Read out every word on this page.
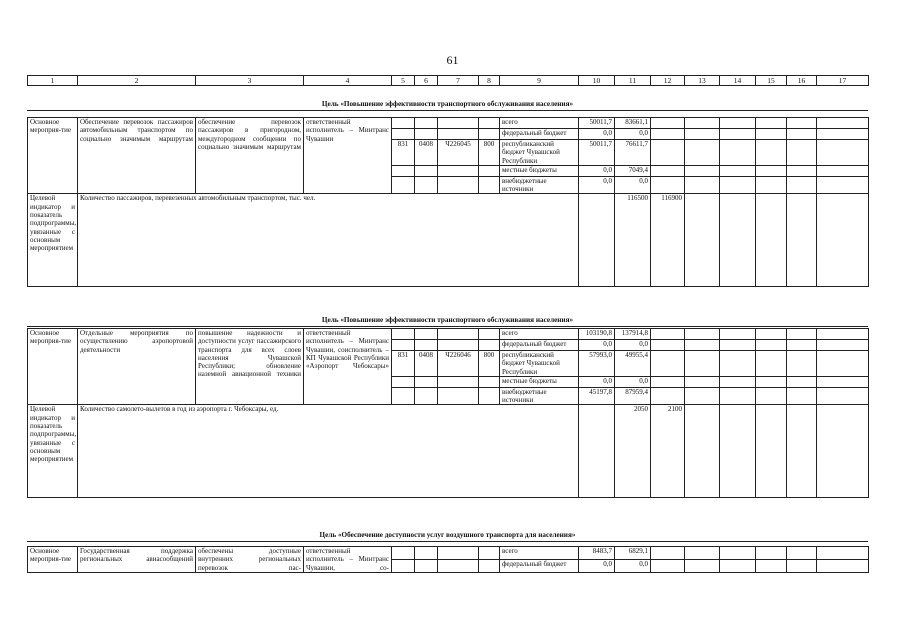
61
1	2	3	4	5	6	7	8	9	10	11	12	13	14	15	16	17
Цель «Повышение эффективности транспортного обслуживания населения»
Основное мероприя-тие	Обеспечение перевозок пассажиров автомобильным транспортом по социально значимым маршрутам	обеспечение перевозок пассажиров в пригородном, междугородном сообщении по социально значимым маршрутам	ответственный исполнитель – Минтранс Чувашии					всего	50011,7	83661,1							
								федеральный бюджет	0,0	0,0							
				831	0408	Ч226045	800	республиканский бюджет Чувашской Республики	50011,7	76611,7							
								местные бюджеты	0,0	7049,4							
								внебюджетные источники	0,0	0,0							
Целевой индикатор и показатель подпрограммы, увязанные с основным мероприятием	Количество пассажиров, перевезенных автомобильным транспортом, тыс. чел.									116500	116900						
Цель «Повышение эффективности транспортного обслуживания населения»
Основное мероприя-тие	Отдельные мероприятия по осуществлению аэропортовой деятельности	повышение надежности и доступности услуг пассажирского транспорта для всех слоев населения Чувашской Республики; обновление наземной авиационной техники	ответственный исполнитель – Минтранс Чувашии, соисполнитель – КП Чувашской Республики «Аэропорт Чебоксары»					всего	103190,8	137914,8							
								федеральный бюджет	0,0	0,0							
				831	0408	Ч226046	800	республиканский бюджет Чувашской Республики	57993,0	49955,4							
								местные бюджеты	0,0	0,0							
								внебюджетные источники	45197,8	87959,4							
Целевой индикатор и показатель подпрограммы, увязанные с основным мероприятием	Количество самолето-вылетов в год из аэропорта г. Чебоксары, ед.									2050	2100						
Цель «Обеспечение доступности услуг воздушного транспорта для населения»
Основное мероприя-тие	Государственная поддержка региональных авиасообщений	обеспечены доступные внутренних региональных перевозок пас-	ответственный исполнитель – Минтранс Чувашии, со-					всего	8483,7	6829,1						
								федеральный бюджет	0,0	0,0						
